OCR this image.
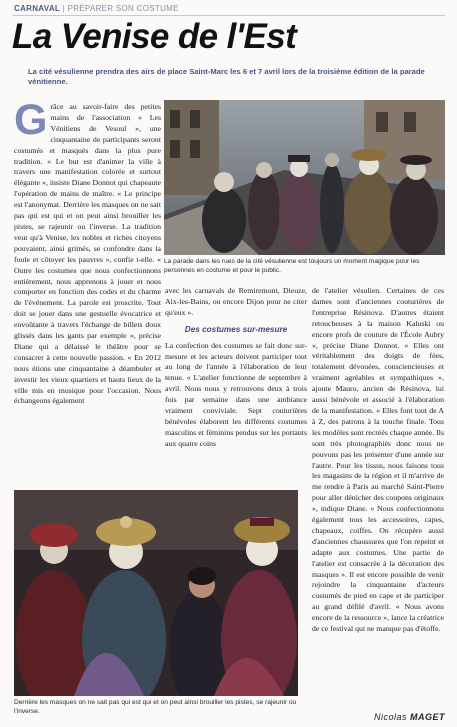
CARNAVAL | PRÉPARER SON COSTUME
La Venise de l'Est
La cité vésulienne prendra des airs de place Saint-Marc les 6 et 7 avril lors de la troisième édition de la parade vénitienne.
G râce au savoir-faire des petites mains de l'association « Les Vénitiens de Vesoul », une cinquantaine de participants seront costumés et masqués dans la plus pure tradition. « Le but est d'animer la ville à travers une manifestation colorée et surtout élégante », insiste Diane Donnot qui chapeaute l'opération de mains de maître. « Le principe est l'anonymat. Derrière les masques on ne sait pas qui est qui et on peut ainsi brouiller les pistes, se rajeunir ou l'inverse. La tradition veut qu'à Venise, les nobles et riches citoyens pouvaient, ainsi grimés, se confondre dans la foule et côtoyer les pauvres », confie t-elle. « Outre les costumes que nous confectionnons entièrement, nous apprenons à jouer et nous comporter en fonction des codes et du charme de l'événement. La parole est proscrite. Tout doit se jouer dans une gestuelle évocatrice et envoûtante à travers l'échange de billets doux glissés dans les gants par exemple », précise Diane qui a délaissé le théâtre pour se consacrer à cette nouvelle passion. « En 2012 nous étions une cinquantaine à déambuler et investir les vieux quartiers et hauts lieux de la ville mis en musique pour l'occasion. Nous échangeons également

La parade dans les rues de la cité vésulienne est toujours un moment magique pour les personnes en costume et pour le public.

avec les carnavals de Remiremont, Dieuze, Aix-les-Bains, ou encore Dijon pour ne citer qu'eux ».

Des costumes sur-mesure

La confection des costumes se fait donc sur-mesure et les acteurs doivent participer tout au long de l'année à l'élaboration de leur tenue. « L'atelier fonctionne de septembre à avril. Nous nous y retrouvons deux à trois fois par semaine dans une ambiance vraiment conviviale. Sept couturières bénévoles élaborent les différents costumes masculins et féminins pendus sur les portants aux quatre coins

de l'atelier vésulien. Certaines de ces dames sont d'anciennes couturières de l'entreprise Résinova. D'autres étaient retoucheuses à la maison Kaluski ou encore profs de couture de l'École Aubry », précise Diane Donnot. « Elles ont véritablement des doigts de fées, totalement dévouées, consciencieuses et vraiment agréables et sympathiques », ajoute Mauro, ancien de Résinova, lui aussi bénévole et associé à l'élaboration de la manifestation. « Elles font tout de A à Z, des patrons à la touche finale. Tous les modèles sont recréés chaque année. Ils sont très photographiés donc nous ne pouvons pas les présenter d'une année sur l'autre. Pour les tissus, nous faisons tous les magasins de la région et il m'arrive de me rendre à Paris au marché Saint-Pierre pour aller dénicher des coupons originaux », indique Diane. « Nous confectionnons également tous les accessoires, capes, chapeaux, coiffes. On récupère aussi d'anciennes chaussures que l'on repeint et adapte aux costumes. Une partie de l'atelier est consacrée à la décoration des masques ». Il est encore possible de venir rejoindre la cinquantaine d'acteurs costumés de pied en cape et de participer au grand défilé d'avril. « Nous avons encore de la ressource », lance la créatrice de ce festival qui ne manque pas d'étoffe.

Derrière les masques on ne sait pas qui est qui et on peut ainsi brouiller les pistes, se rajeunir ou l'inverse.
Nicolas MAGET
